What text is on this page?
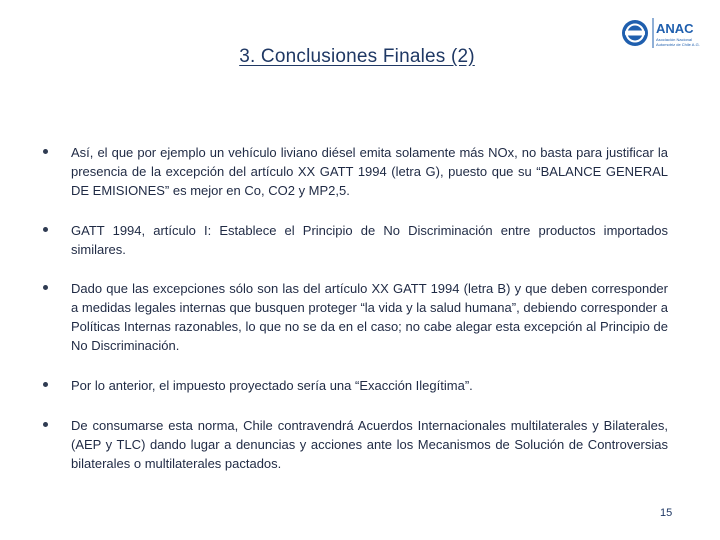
ANAC
Asociación Nacional
Automotriz de Chile A.G.
3. Conclusiones Finales (2)
Así, el que por ejemplo un vehículo liviano diésel emita solamente más NOx, no basta para justificar la presencia de la excepción del artículo XX GATT 1994 (letra G), puesto que su “BALANCE GENERAL DE EMISIONES” es mejor en Co, CO2 y MP2,5.
GATT 1994, artículo I: Establece el Principio de No Discriminación entre productos importados similares.
Dado que las excepciones sólo son las del artículo XX GATT 1994 (letra B) y que deben corresponder a medidas legales internas que busquen proteger “la vida y la salud humana”, debiendo corresponder a Políticas Internas razonables, lo que no se da en el caso; no cabe alegar esta excepción al Principio de No Discriminación.
Por lo anterior, el impuesto proyectado sería una “Exacción Ilegítima”.
De consumarse esta norma, Chile contravendrá Acuerdos Internacionales multilaterales y Bilaterales, (AEP y TLC) dando lugar a denuncias y acciones ante los Mecanismos de Solución de Controversias bilaterales o multilaterales pactados.
15
